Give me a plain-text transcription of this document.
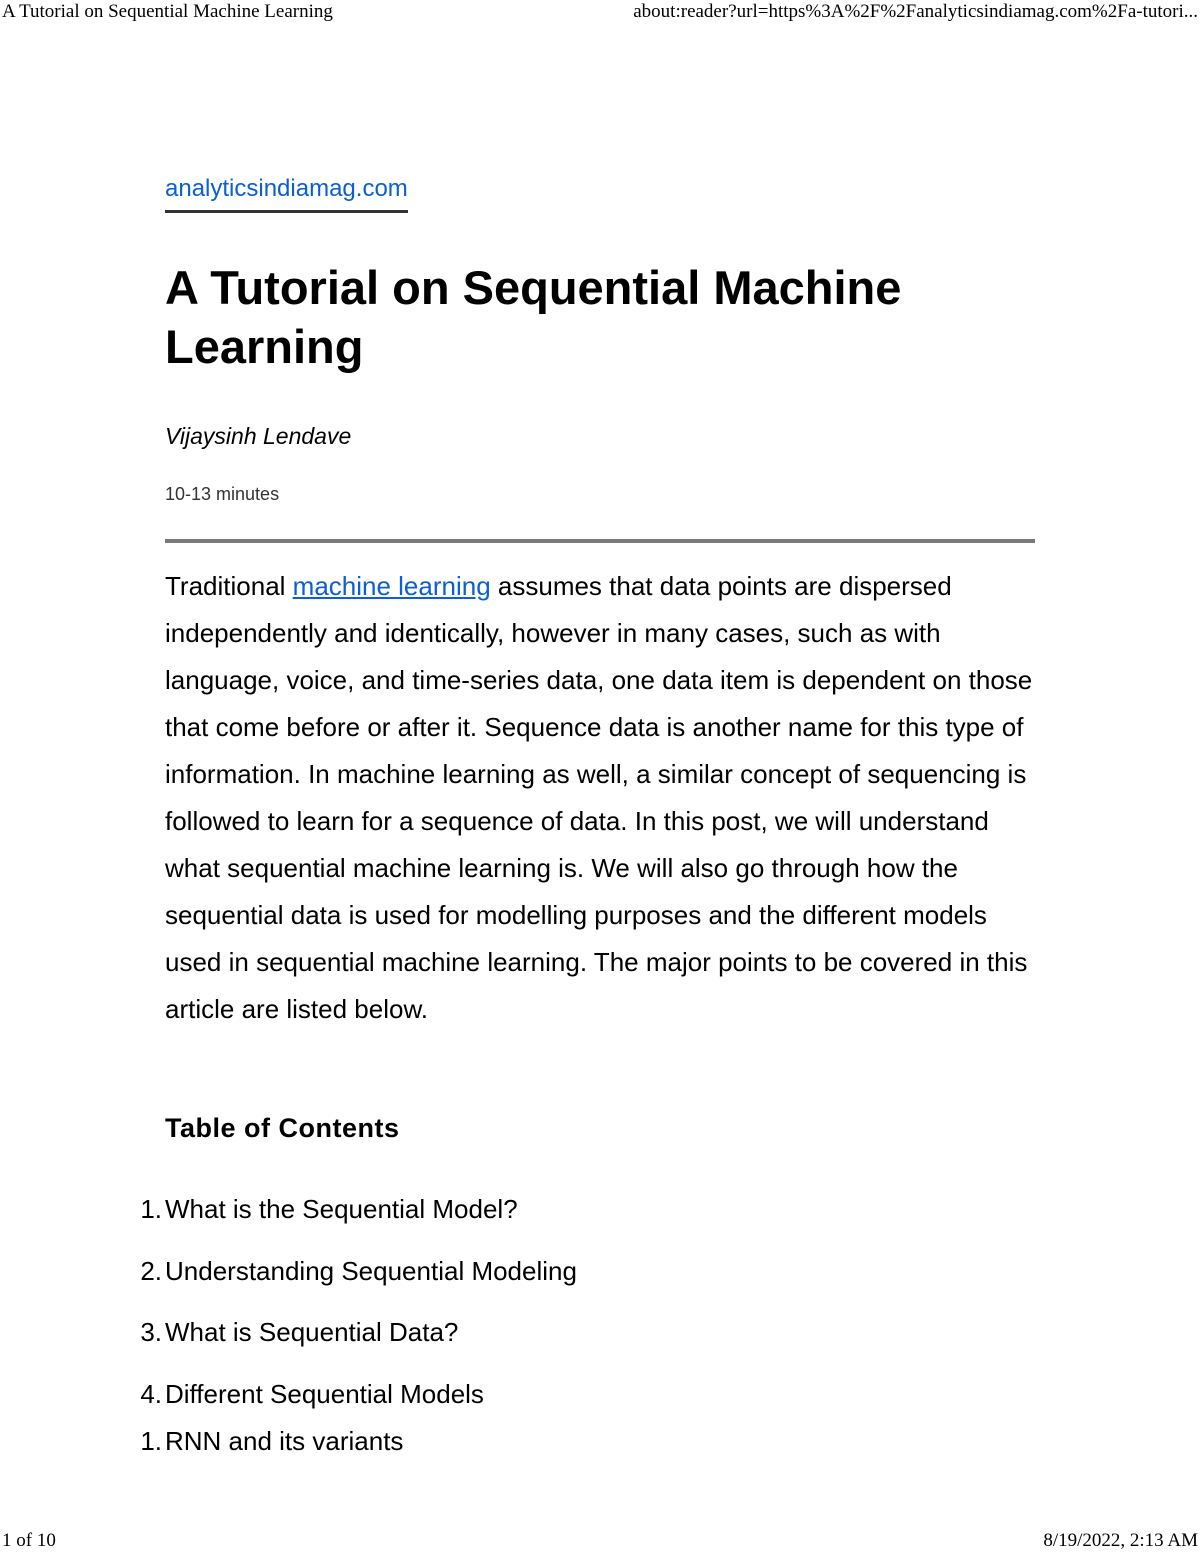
A Tutorial on Sequential Machine Learning	about:reader?url=https%3A%2F%2Fanalyticsindiamag.com%2Fa-tutori...
analyticsindiamag.com
A Tutorial on Sequential Machine Learning

Vijaysinh Lendave

10-13 minutes

Traditional machine learning assumes that data points are dispersed independently and identically, however in many cases, such as with language, voice, and time-series data, one data item is dependent on those that come before or after it. Sequence data is another name for this type of information. In machine learning as well, a similar concept of sequencing is followed to learn for a sequence of data. In this post, we will understand what sequential machine learning is. We will also go through how the sequential data is used for modelling purposes and the different models used in sequential machine learning. The major points to be covered in this article are listed below.

Table of Contents
1. What is the Sequential Model?
2. Understanding Sequential Modeling
3. What is Sequential Data?
4. Different Sequential Models
1. RNN and its variants
1 of 10	8/19/2022, 2:13 AM
